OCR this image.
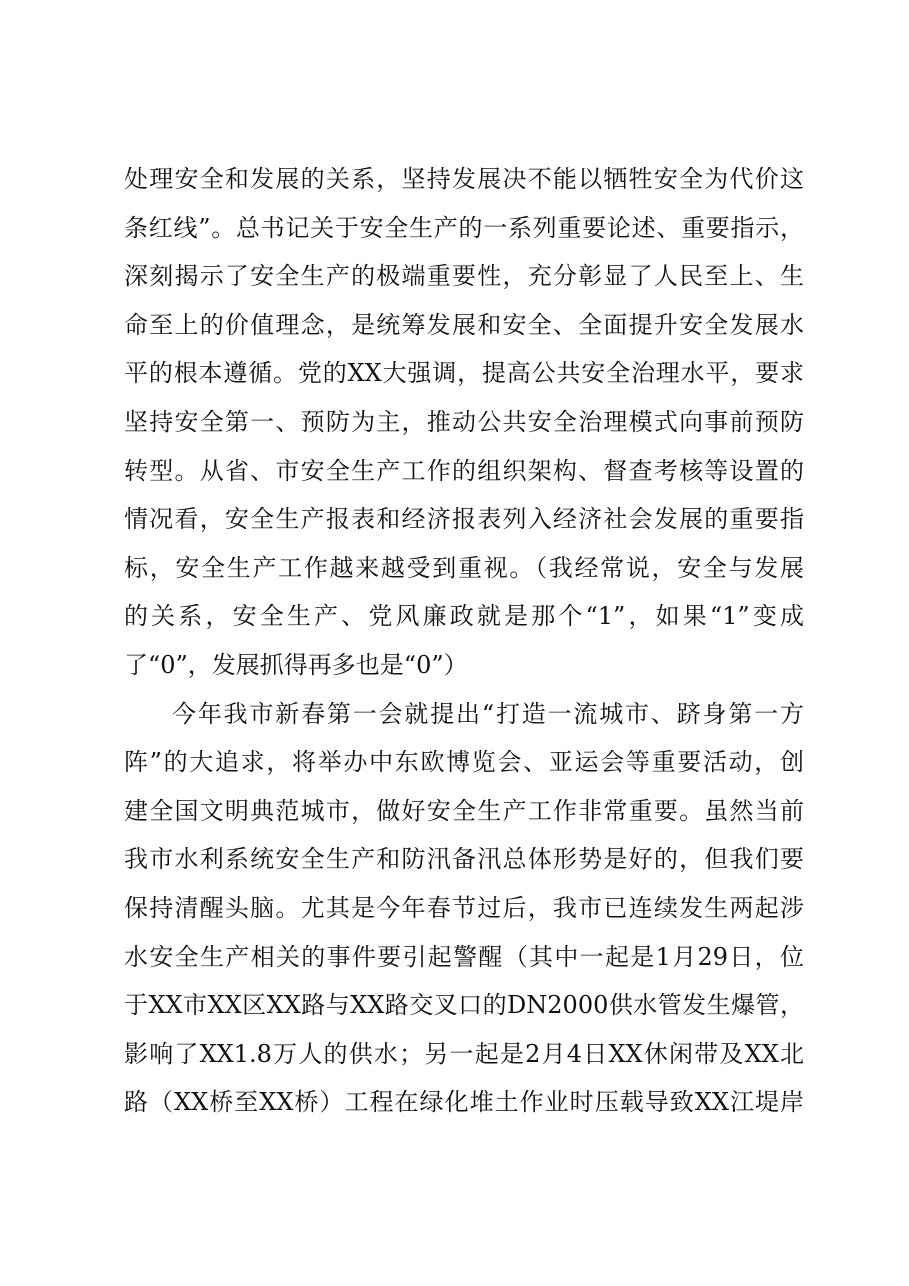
处理安全和发展的关系，坚持发展决不能以牺牲安全为代价这
条红线”。总书记关于安全生产的一系列重要论述、重要指示，
深刻揭示了安全生产的极端重要性，充分彰显了人民至上、生
命至上的价值理念，是统筹发展和安全、全面提升安全发展水
平的根本遵循。党的XX大强调，提高公共安全治理水平，要求
坚持安全第一、预防为主，推动公共安全治理模式向事前预防
转型。从省、市安全生产工作的组织架构、督查考核等设置的
情况看，安全生产报表和经济报表列入经济社会发展的重要指
标，安全生产工作越来越受到重视。（我经常说，安全与发展
的关系，安全生产、党风廉政就是那个“1”，如果“1”变成
了“0”，发展抓得再多也是“0”）
今年我市新春第一会就提出“打造一流城市、跻身第一方
阵”的大追求，将举办中东欧博览会、亚运会等重要活动，创
建全国文明典范城市，做好安全生产工作非常重要。虽然当前
我市水利系统安全生产和防汛备汛总体形势是好的，但我们要
保持清醒头脑。尤其是今年春节过后，我市已连续发生两起涉
水安全生产相关的事件要引起警醒（其中一起是1月29日，位
于XX市XX区XX路与XX路交叉口的DN2000供水管发生爆管，
影响了XX1.8万人的供水；另一起是2月4日XX休闲带及XX北
路（XX桥至XX桥）工程在绿化堆土作业时压载导致XX江堤岸
